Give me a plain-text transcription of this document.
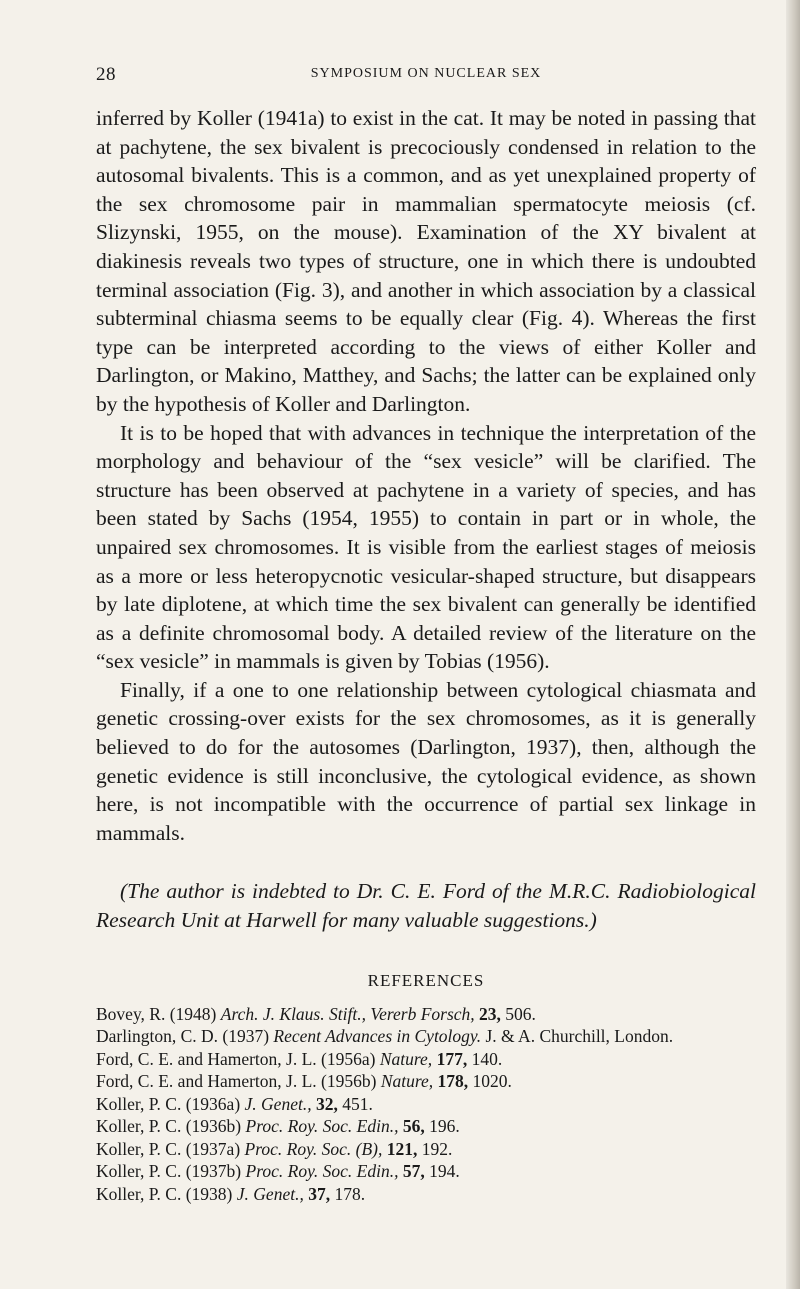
28	SYMPOSIUM ON NUCLEAR SEX

inferred by Koller (1941a) to exist in the cat. It may be noted in passing that at pachytene, the sex bivalent is precociously condensed in relation to the autosomal bivalents. This is a common, and as yet unexplained property of the sex chromosome pair in mammalian spermatocyte meiosis (cf. Slizynski, 1955, on the mouse). Examination of the XY bivalent at diakinesis reveals two types of structure, one in which there is undoubted terminal association (Fig. 3), and another in which association by a classical subterminal chiasma seems to be equally clear (Fig. 4). Whereas the first type can be interpreted according to the views of either Koller and Darlington, or Makino, Matthey, and Sachs; the latter can be explained only by the hypothesis of Koller and Darlington.

It is to be hoped that with advances in technique the interpretation of the morphology and behaviour of the “sex vesicle” will be clarified. The structure has been observed at pachytene in a variety of species, and has been stated by Sachs (1954, 1955) to contain in part or in whole, the unpaired sex chromosomes. It is visible from the earliest stages of meiosis as a more or less heteropycnotic vesicular-shaped structure, but disappears by late diplotene, at which time the sex bivalent can generally be identified as a definite chromosomal body. A detailed review of the literature on the “sex vesicle” in mammals is given by Tobias (1956).

Finally, if a one to one relationship between cytological chiasmata and genetic crossing-over exists for the sex chromosomes, as it is generally believed to do for the autosomes (Darlington, 1937), then, although the genetic evidence is still inconclusive, the cytological evidence, as shown here, is not incompatible with the occurrence of partial sex linkage in mammals.

(The author is indebted to Dr. C. E. Ford of the M.R.C. Radiobiological Research Unit at Harwell for many valuable suggestions.)
REFERENCES
Bovey, R. (1948) Arch. J. Klaus. Stift., Vererb Forsch, 23, 506.
Darlington, C. D. (1937) Recent Advances in Cytology. J. & A. Churchill, London.
Ford, C. E. and Hamerton, J. L. (1956a) Nature, 177, 140.
Ford, C. E. and Hamerton, J. L. (1956b) Nature, 178, 1020.
Koller, P. C. (1936a) J. Genet., 32, 451.
Koller, P. C. (1936b) Proc. Roy. Soc. Edin., 56, 196.
Koller, P. C. (1937a) Proc. Roy. Soc. (B), 121, 192.
Koller, P. C. (1937b) Proc. Roy. Soc. Edin., 57, 194.
Koller, P. C. (1938) J. Genet., 37, 178.
